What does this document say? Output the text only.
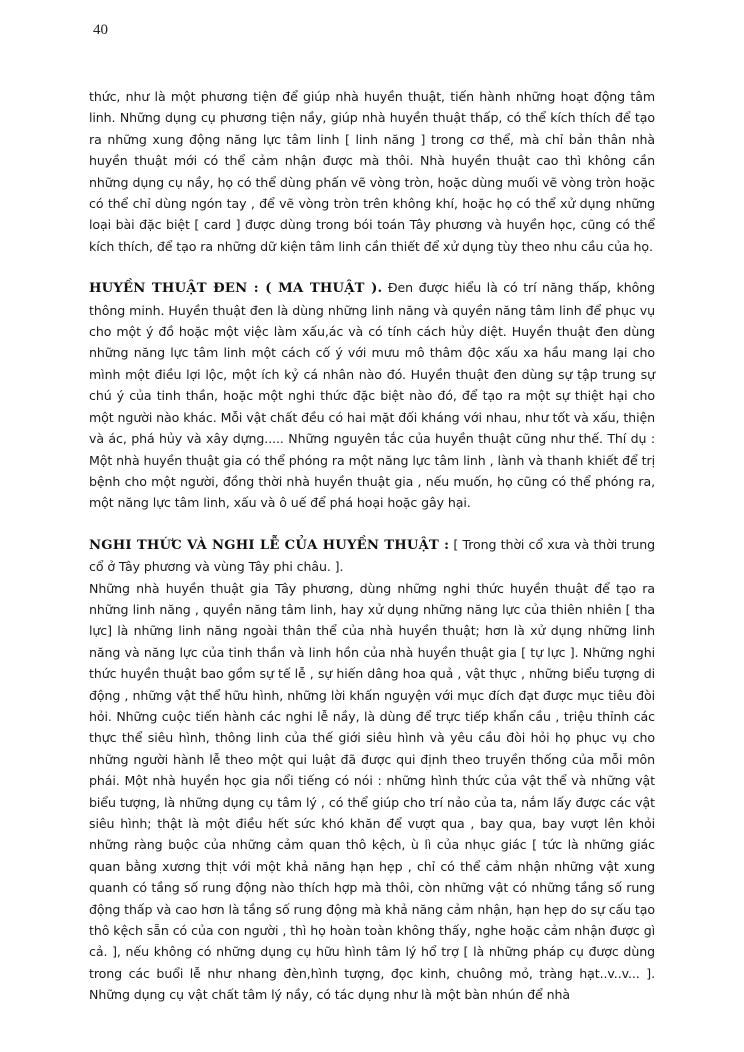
40

thức, như là một phương tiện để giúp nhà huyền thuật, tiến hành những hoạt động tâm linh. Những dụng cụ phương tiện nầy, giúp nhà huyền thuật thấp, có thể kích thích để tạo ra những xung động năng lực tâm linh [ linh năng ] trong cơ thể, mà chỉ bản thân nhà huyền thuật mới có thể cảm nhận được mà thôi. Nhà huyền thuật cao thì không cần những dụng cụ nầy, họ có thể dùng phấn vẽ vòng tròn, hoặc dùng muối vẽ vòng tròn hoặc có thể chỉ dùng ngón tay , để vẽ vòng tròn trên không khí, hoặc họ có thể xử dụng những loại bài đặc biệt [ card ] được dùng trong bói toán Tây phương và huyền học, cũng có thể kích thích, để tạo ra những dữ kiện tâm linh cần thiết để xử dụng tùy theo nhu cầu của họ.

HUYỀN THUẬT ĐEN : ( MA THUẬT ). Đen được hiểu là có trí năng thấp, không thông minh. Huyền thuật đen là dùng những linh năng và quyền năng tâm linh để phục vụ cho một ý đồ hoặc một việc làm xấu,ác và có tính cách hủy diệt. Huyền thuật đen dùng những năng lực tâm linh một cách cố ý với mưu mô thâm độc xấu xa hầu mang lại cho mình một điều lợi lộc, một ích kỷ cá nhân nào đó. Huyền thuật đen dùng sự tập trung sự chú ý của tinh thần, hoặc một nghi thức đặc biệt nào đó, để tạo ra một sự thiệt hại cho một người nào khác. Mỗi vật chất đều có hai mặt đối kháng với nhau, như tốt và xấu, thiện và ác, phá hủy và xây dựng..... Những nguyên tắc của huyền thuật cũng như thế. Thí dụ : Một nhà huyền thuật gia có thể phóng ra một năng lực tâm linh , lành và thanh khiết để trị bệnh cho một người, đồng thời nhà huyền thuật gia , nếu muốn, họ cũng có thể phóng ra, một năng lực tâm linh, xấu và ô uế để phá hoại hoặc gây hại.

NGHI THỨC VÀ NGHI LỄ CỦA HUYỀN THUẬT : [ Trong thời cổ xưa và thời trung cổ ở Tây phương và vùng Tây phi châu. ].

Những nhà huyền thuật gia Tây phương, dùng những nghi thức huyền thuật để tạo ra những linh năng , quyền năng tâm linh, hay xử dụng những năng lực của thiên nhiên [ tha lực] là những linh năng ngoài thân thể của nhà huyền thuật; hơn là xử dụng những linh năng và năng lực của tinh thần và linh hồn của nhà huyền thuật gia [ tự lực ]. Những nghi thức huyền thuật bao gồm sự tế lễ , sự hiến dâng hoa quả , vật thực , những biểu tượng di động , những vật thể hữu hình, những lời khấn nguyện với mục đích đạt được mục tiêu đòi hỏi. Những cuộc tiến hành các nghi lễ nầy, là dùng để trực tiếp khẩn cầu , triệu thỉnh các thực thể siêu hình, thông linh của thế giới siêu hình và yêu cầu đòi hỏi họ phục vụ cho những người hành lễ theo một qui luật đã được qui định theo truyền thống của mỗi môn phái. Một nhà huyền học gia nổi tiếng có nói : những hình thức của vật thể và những vật biểu tượng, là những dụng cụ tâm lý , có thể giúp cho trí nảo của ta, nắm lấy được các vật siêu hình; thật là một điều hết sức khó khăn để vượt qua , bay qua, bay vượt lên khỏi những ràng buộc của những cảm quan thô kệch, ù lì của nhục giác [ tức là những giác quan bằng xương thịt với một khả năng hạn hẹp , chỉ có thể cảm nhận những vật xung quanh có tầng số rung động nào thích hợp mà thôi, còn những vật có những tầng số rung động thấp và cao hơn là tầng số rung động mà khả năng cảm nhận, hạn hẹp do sự cấu tạo thô kệch sẵn có của con người , thì họ hoàn toàn không thấy, nghe hoặc cảm nhận được gì cả. ], nếu không có những dụng cụ hữu hình tâm lý hổ trợ [ là những pháp cụ được dùng trong các buổi lễ như nhang đèn,hình tượng, đọc kinh, chuông mỏ, tràng hạt..v..v... ]. Những dụng cụ vật chất tâm lý nầy, có tác dụng như là một bàn nhún để nhà
